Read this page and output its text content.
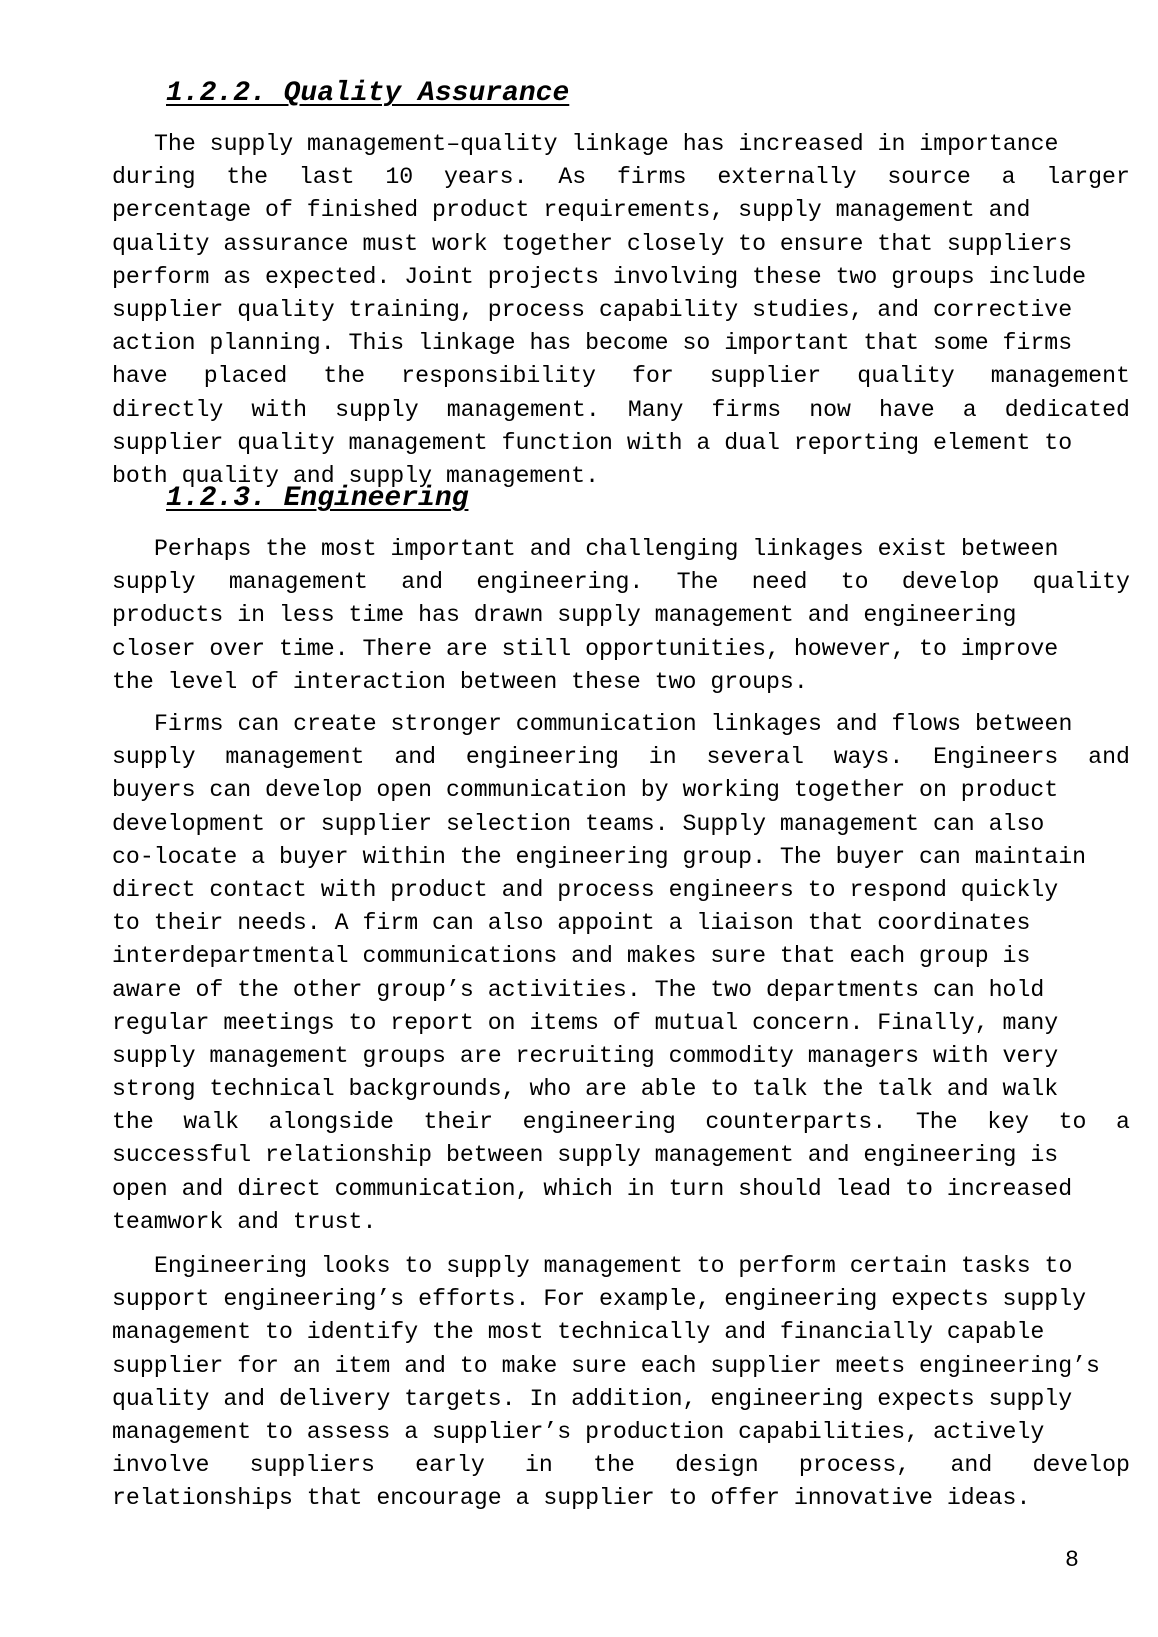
1.2.2. Quality Assurance
The supply management–quality linkage has increased in importance
during the last 10 years. As firms externally source a larger
percentage of finished product requirements, supply management and
quality assurance must work together closely to ensure that suppliers
perform as expected. Joint projects involving these two groups include
supplier quality training, process capability studies, and corrective
action planning. This linkage has become so important that some firms
have placed the responsibility for supplier quality management
directly with supply management. Many firms now have a dedicated
supplier quality management function with a dual reporting element to
both quality and supply management.
1.2.3. Engineering
Perhaps the most important and challenging linkages exist between
supply management and engineering. The need to develop quality
products in less time has drawn supply management and engineering
closer over time. There are still opportunities, however, to improve
the level of interaction between these two groups.
Firms can create stronger communication linkages and flows between
supply management and engineering in several ways. Engineers and
buyers can develop open communication by working together on product
development or supplier selection teams. Supply management can also
co-locate a buyer within the engineering group. The buyer can maintain
direct contact with product and process engineers to respond quickly
to their needs. A firm can also appoint a liaison that coordinates
interdepartmental communications and makes sure that each group is
aware of the other group’s activities. The two departments can hold
regular meetings to report on items of mutual concern. Finally, many
supply management groups are recruiting commodity managers with very
strong technical backgrounds, who are able to talk the talk and walk
the walk alongside their engineering counterparts. The key to a
successful relationship between supply management and engineering is
open and direct communication, which in turn should lead to increased
teamwork and trust.
Engineering looks to supply management to perform certain tasks to
support engineering’s efforts. For example, engineering expects supply
management to identify the most technically and financially capable
supplier for an item and to make sure each supplier meets engineering’s
quality and delivery targets. In addition, engineering expects supply
management to assess a supplier’s production capabilities, actively
involve suppliers early in the design process, and develop
relationships that encourage a supplier to offer innovative ideas.
8
